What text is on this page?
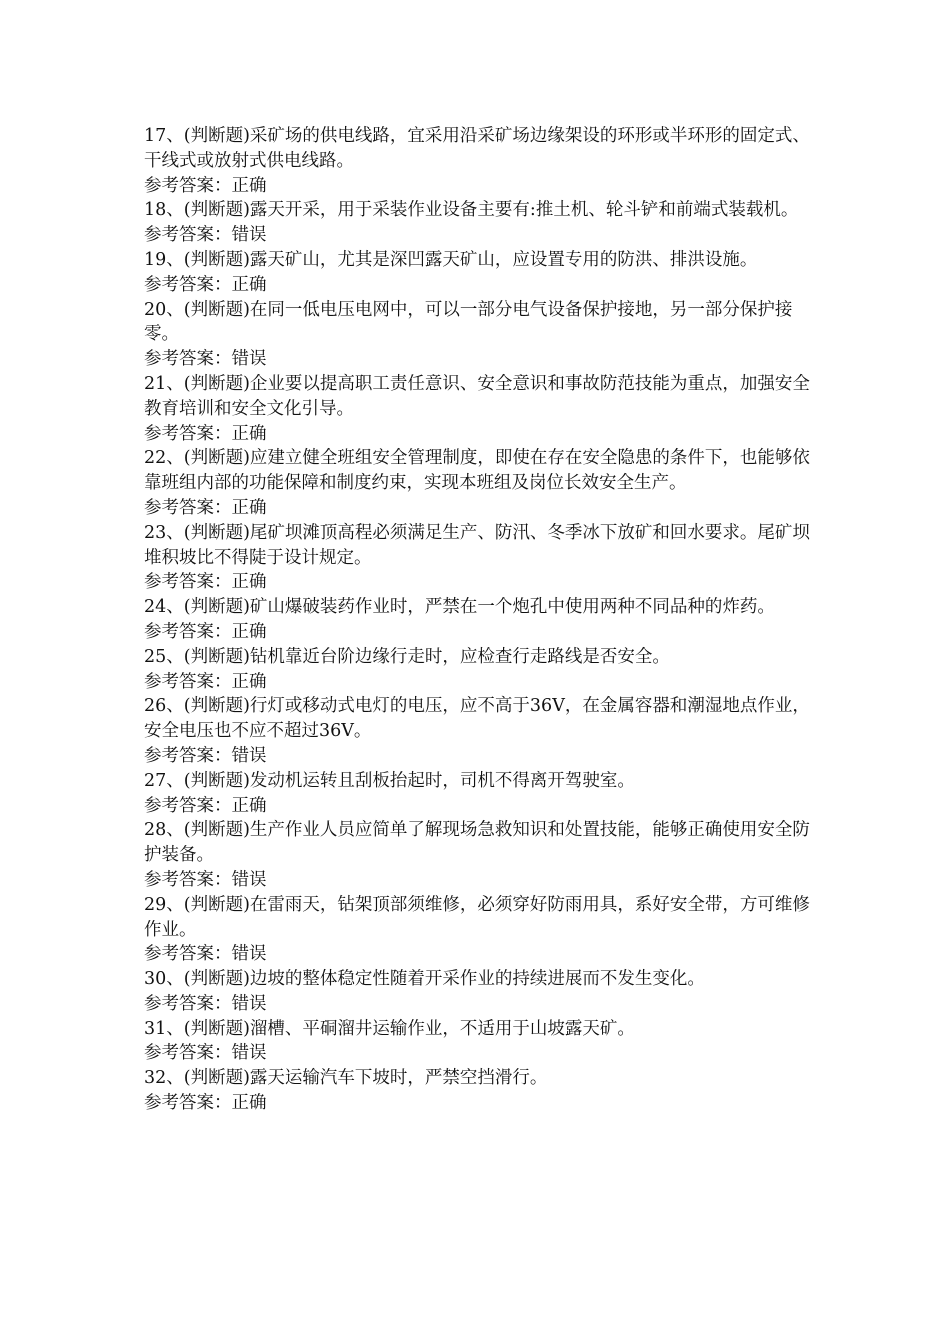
17、(判断题)采矿场的供电线路，宜采用沿采矿场边缘架设的环形或半环形的固定式、干线式或放射式供电线路。

参考答案：正确

18、(判断题)露天开采，用于采装作业设备主要有:推土机、轮斗铲和前端式装载机。

参考答案：错误

19、(判断题)露天矿山，尤其是深凹露天矿山，应设置专用的防洪、排洪设施。

参考答案：正确

20、(判断题)在同一低电压电网中，可以一部分电气设备保护接地，另一部分保护接零。

参考答案：错误

21、(判断题)企业要以提高职工责任意识、安全意识和事故防范技能为重点，加强安全教育培训和安全文化引导。

参考答案：正确

22、(判断题)应建立健全班组安全管理制度，即使在存在安全隐患的条件下，也能够依靠班组内部的功能保障和制度约束，实现本班组及岗位长效安全生产。

参考答案：正确

23、(判断题)尾矿坝滩顶高程必须满足生产、防汛、冬季冰下放矿和回水要求。尾矿坝堆积坡比不得陡于设计规定。

参考答案：正确

24、(判断题)矿山爆破装药作业时，严禁在一个炮孔中使用两种不同品种的炸药。

参考答案：正确

25、(判断题)钻机靠近台阶边缘行走时，应检查行走路线是否安全。

参考答案：正确

26、(判断题)行灯或移动式电灯的电压，应不高于36V，在金属容器和潮湿地点作业，安全电压也不应不超过36V。

参考答案：错误

27、(判断题)发动机运转且刮板抬起时，司机不得离开驾驶室。

参考答案：正确

28、(判断题)生产作业人员应简单了解现场急救知识和处置技能，能够正确使用安全防护装备。

参考答案：错误

29、(判断题)在雷雨天，钻架顶部须维修，必须穿好防雨用具，系好安全带，方可维修作业。

参考答案：错误

30、(判断题)边坡的整体稳定性随着开采作业的持续进展而不发生变化。

参考答案：错误

31、(判断题)溜槽、平硐溜井运输作业，不适用于山坡露天矿。

参考答案：错误

32、(判断题)露天运输汽车下坡时，严禁空挡滑行。

参考答案：正确
